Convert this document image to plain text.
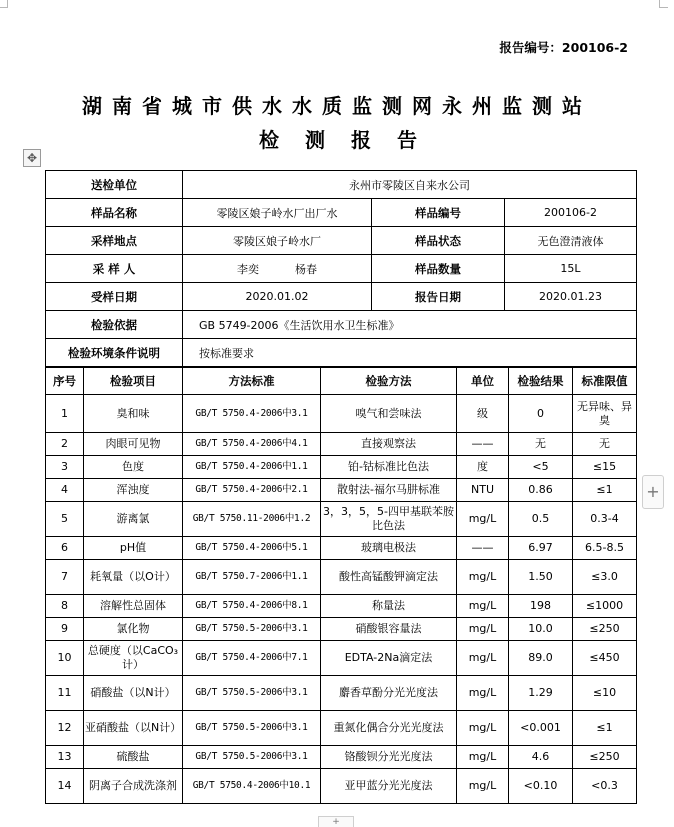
报告编号：200106-2
湖南省城市供水水质监测网永州监测站
检测报告
✥
送检单位	永州市零陵区自来水公司		
样品名称	零陵区娘子岭水厂出厂水	样品编号	200106-2
采样地点	零陵区娘子岭水厂	样品状态	无色澄清液体
采 样 人	李奕 杨春	样品数量	15L
受样日期	2020.01.02	报告日期	2020.01.23
检验依据	GB 5749-2006《生活饮用水卫生标准》		
检验环境条件说明	按标准要求		
序号	检验项目	方法标准	检验方法	单位	检验结果	标准限值
1	臭和味	GB/T 5750.4-2006中3.1	嗅气和尝味法	级	0	无异味、异臭
2	肉眼可见物	GB/T 5750.4-2006中4.1	直接观察法	——	无	无
3	色度	GB/T 5750.4-2006中1.1	铂-钴标准比色法	度	<5	≤15
4	浑浊度	GB/T 5750.4-2006中2.1	散射法-福尔马肼标准	NTU	0.86	≤1
5	游离氯	GB/T 5750.11-2006中1.2	3，3，5，5-四甲基联苯胺比色法	mg/L	0.5	0.3-4
6	pH值	GB/T 5750.4-2006中5.1	玻璃电极法	——	6.97	6.5-8.5
7	耗氧量（以O计）	GB/T 5750.7-2006中1.1	酸性高锰酸钾滴定法	mg/L	1.50	≤3.0
8	溶解性总固体	GB/T 5750.4-2006中8.1	称量法	mg/L	198	≤1000
9	氯化物	GB/T 5750.5-2006中3.1	硝酸银容量法	mg/L	10.0	≤250
10	总硬度（以CaCO₃计）	GB/T 5750.4-2006中7.1	EDTA-2Na滴定法	mg/L	89.0	≤450
11	硝酸盐（以N计）	GB/T 5750.5-2006中3.1	麝香草酚分光光度法	mg/L	1.29	≤10
12	亚硝酸盐（以N计）	GB/T 5750.5-2006中3.1	重氮化偶合分光光度法	mg/L	<0.001	≤1
13	硫酸盐	GB/T 5750.5-2006中3.1	铬酸钡分光光度法	mg/L	4.6	≤250
14	阴离子合成洗涤剂	GB/T 5750.4-2006中10.1	亚甲蓝分光光度法	mg/L	<0.10	<0.3
+
+
